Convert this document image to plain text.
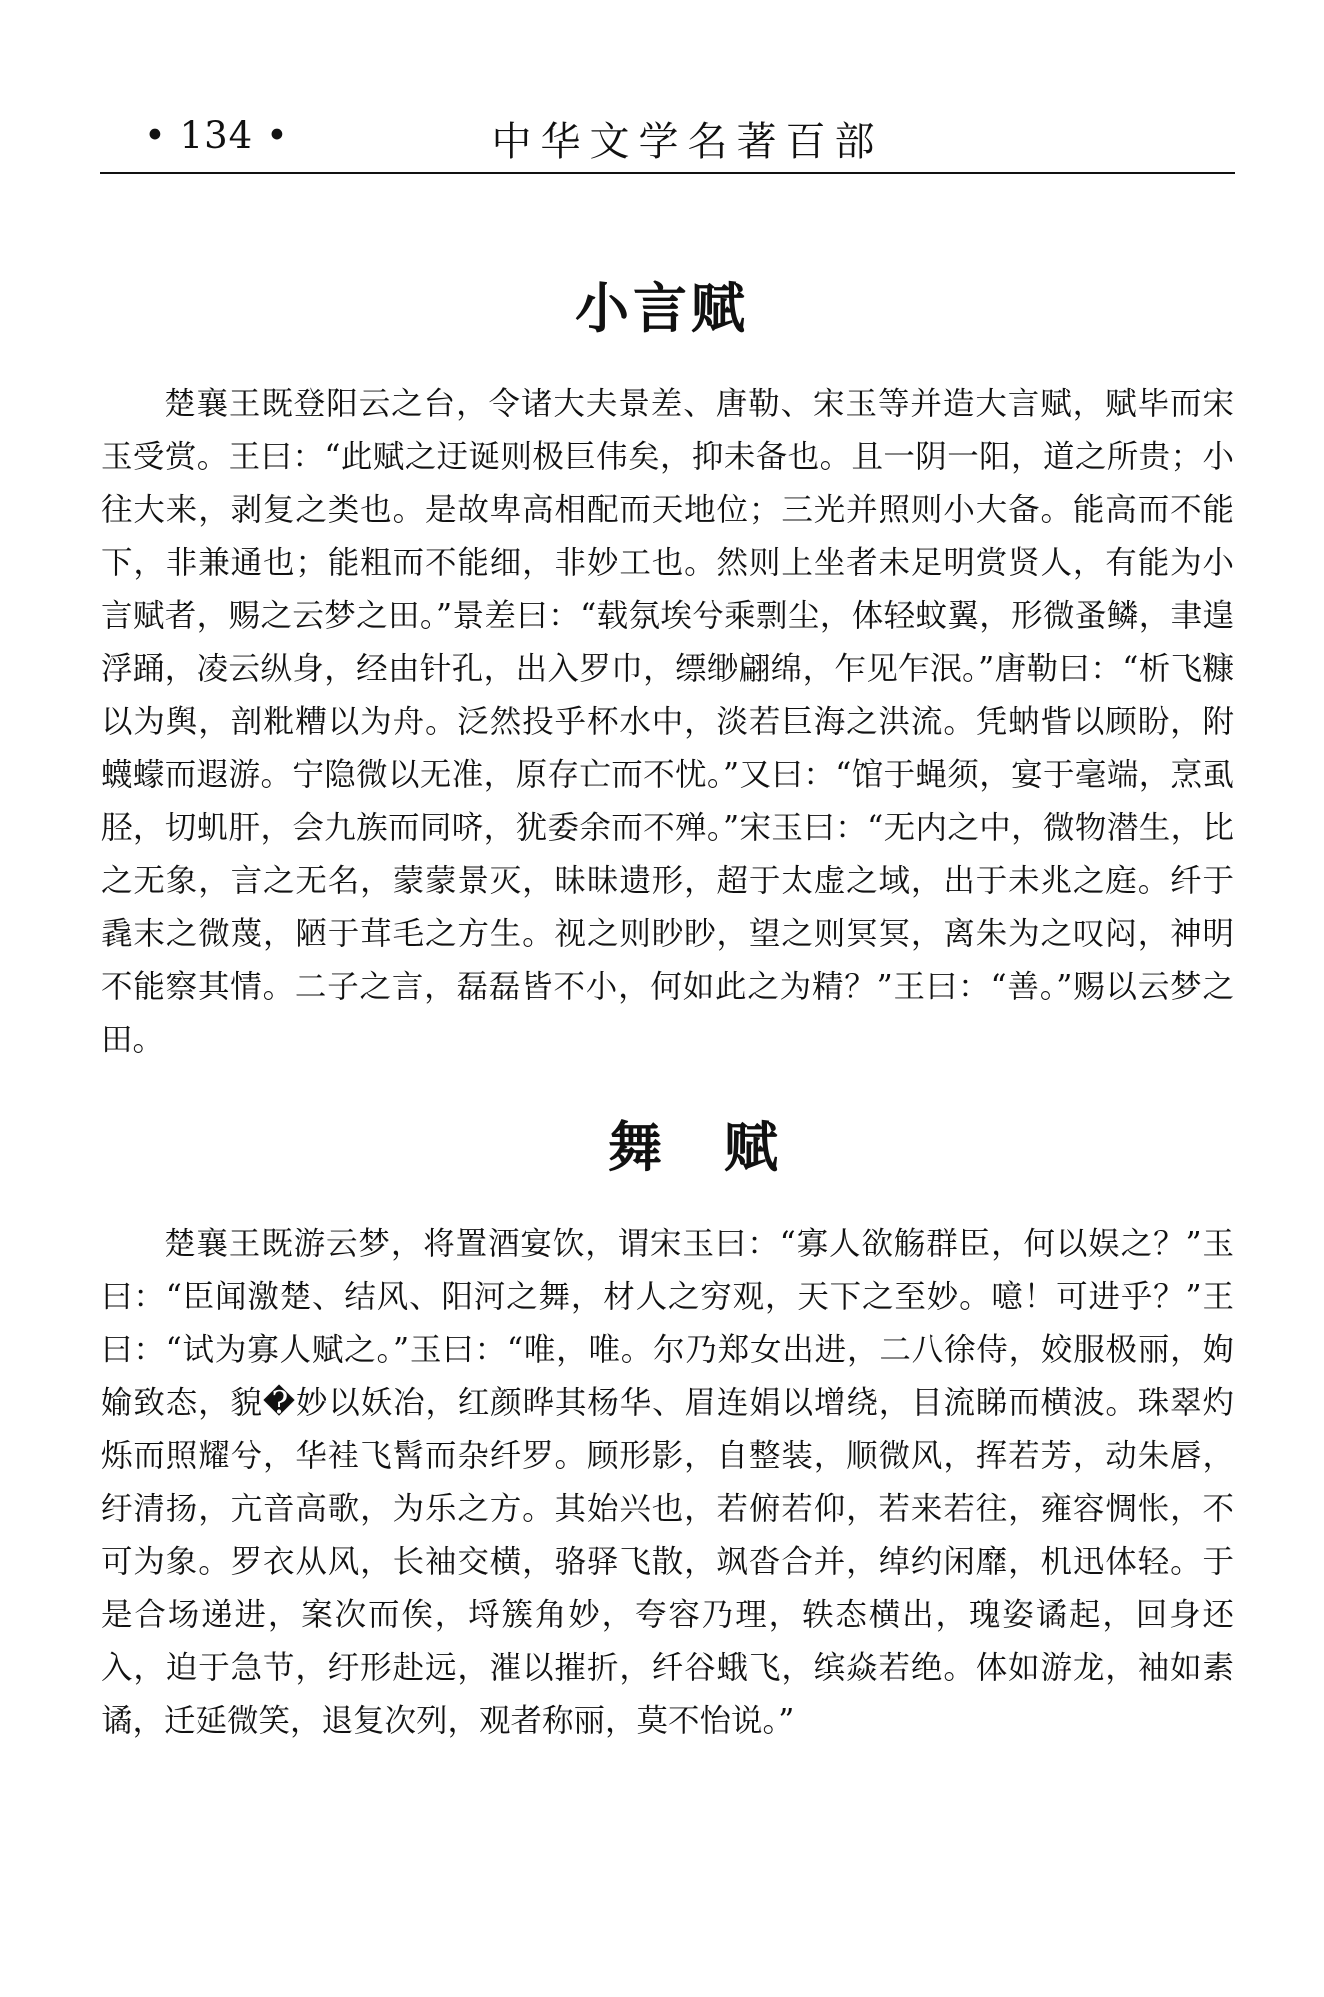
• 134 •	中华文学名著百部
小言赋

楚襄王既登阳云之台，令诸大夫景差、唐勒、宋玉等并造大言赋，赋毕而宋玉受赏。王曰：“此赋之迂诞则极巨伟矣，抑未备也。且一阴一阳，道之所贵；小往大来，剥复之类也。是故卑高相配而天地位；三光并照则小大备。能高而不能下，非兼通也；能粗而不能细，非妙工也。然则上坐者未足明赏贤人，有能为小言赋者，赐之云梦之田。”景差曰：“载氛埃兮乘剽尘，体轻蚊翼，形微蚤鳞，聿遑浮踊，凌云纵身，经由针孔，出入罗巾，缥缈翩绵，乍见乍泯。”唐勒曰：“析飞糠以为舆，剖粃糟以为舟。泛然投乎杯水中，淡若巨海之洪流。凭蚋眥以顾盼，附蠛蠓而遐游。宁隐微以无准，原存亡而不忧。”又曰：“馆于蝇须，宴于毫端，烹虱胫，切虮肝，会九族而同哜，犹委余而不殚。”宋玉曰：“无内之中，微物潜生，比之无象，言之无名，蒙蒙景灭，昧昧遗形，超于太虚之域，出于未兆之庭。纤于毳末之微蔑，陋于茸毛之方生。视之则眇眇，望之则冥冥，离朱为之叹闷，神明不能察其情。二子之言，磊磊皆不小，何如此之为精？”王曰：“善。”赐以云梦之田。

舞赋

楚襄王既游云梦，将置酒宴饮，谓宋玉曰：“寡人欲觞群臣，何以娱之？”玉曰：“臣闻激楚、结风、阳河之舞，材人之穷观，天下之至妙。噫！可进乎？”王曰：“试为寡人赋之。”玉曰：“唯，唯。尔乃郑女出进，二八徐侍，姣服极丽，姁媮致态，貌�妙以妖冶，红颜晔其杨华、眉连娟以增绕，目流睇而横波。珠翠灼烁而照耀兮，华袿飞髾而杂纤罗。顾形影，自整装，顺微风，挥若芳，动朱唇，纡清扬，亢音高歌，为乐之方。其始兴也，若俯若仰，若来若往，雍容惆怅，不可为象。罗衣从风，长袖交横，骆驿飞散，飒沓合并，绰约闲靡，机迅体轻。于是合场递进，案次而俟，埒簇角妙，夸容乃理，轶态横出，瑰姿谲起，回身还入，迫于急节，纡形赴远，漼以摧折，纤谷蛾飞，缤焱若绝。体如游龙，袖如素谲，迁延微笑，退复次列，观者称丽，莫不怡说。”
